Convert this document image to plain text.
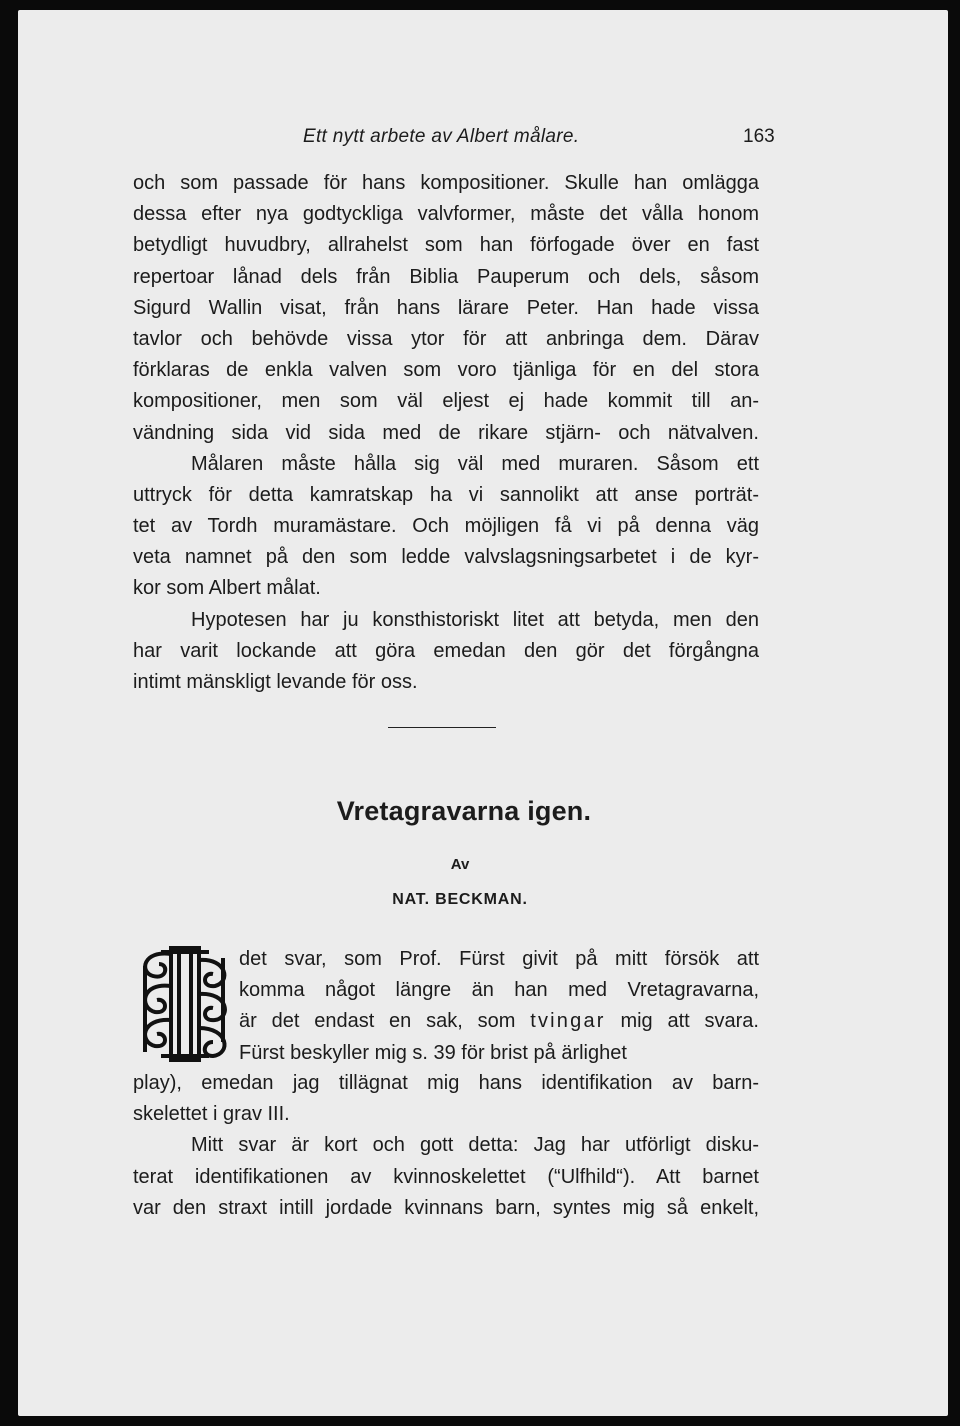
Ett nytt arbete av Albert målare.	163
och som passade för hans kompositioner. Skulle han omlägga
dessa efter nya godtyckliga valvformer, måste det vålla honom
betydligt huvudbry, allrahelst som han förfogade över en fast
repertoar lånad dels från Biblia Pauperum och dels, såsom
Sigurd Wallin visat, från hans lärare Peter. Han hade vissa
tavlor och behövde vissa ytor för att anbringa dem. Därav
förklaras de enkla valven som voro tjänliga för en del stora
kompositioner, men som väl eljest ej hade kommit till an-
vändning sida vid sida med de rikare stjärn- och nätvalven.
Målaren måste hålla sig väl med muraren. Såsom ett
uttryck för detta kamratskap ha vi sannolikt att anse porträt-
tet av Tordh muramästare. Och möjligen få vi på denna väg
veta namnet på den som ledde valvslagsningsarbetet i de kyr-
kor som Albert målat.
Hypotesen har ju konsthistoriskt litet att betyda, men den
har varit lockande att göra emedan den gör det förgångna
intimt mänskligt levande för oss.
Vretagravarna igen.
Av
NAT. BECKMAN.
det svar, som Prof. Fürst givit på mitt försök att
komma något längre än han med Vretagravarna,
är det endast en sak, som tvingar mig att svara.
Fürst beskyller mig s. 39 för brist på ärlighet
play), emedan jag tillägnat mig hans identifikation av barn-
skelettet i grav III.
Mitt svar är kort och gott detta: Jag har utförligt disku-
terat identifikationen av kvinnoskelettet (“Ulfhild“). Att barnet
var den straxt intill jordade kvinnans barn, syntes mig så enkelt,
